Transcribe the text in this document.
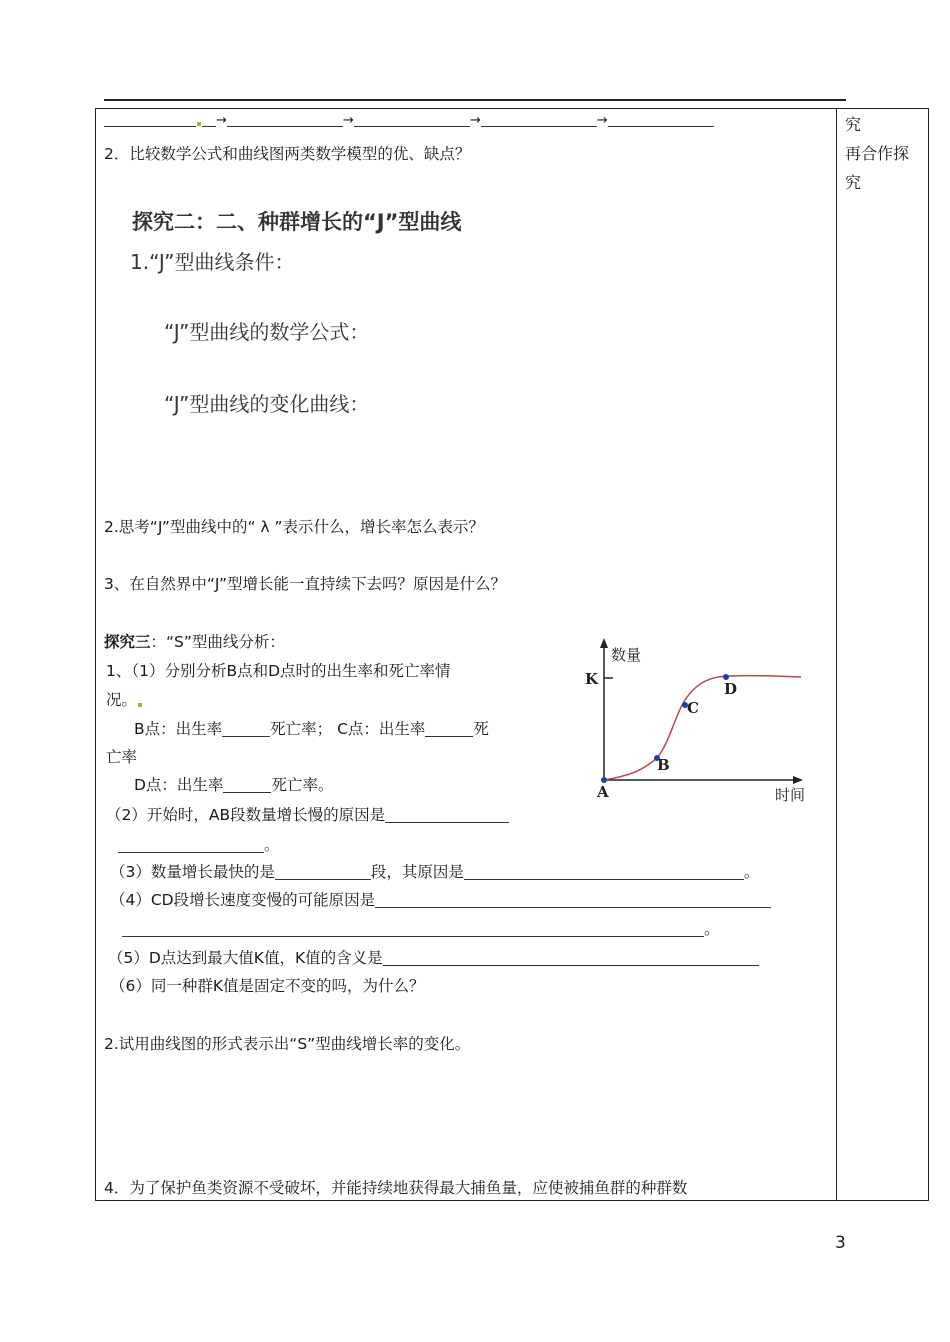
→	→	→	→
2．比较数学公式和曲线图两类数学模型的优、缺点？
探究二：二、种群增长的“J”型曲线
1.“J”型曲线条件：
“J”型曲线的数学公式：
“J”型曲线的变化曲线：
2.思考“J”型曲线中的“ λ ”表示什么，增长率怎么表示？
3、在自然界中“J”型增长能一直持续下去吗？原因是什么？
探究三：“S”型曲线分析：
1、（1）分别分析B点和D点时的出生率和死亡率情
况。
B点：出生率	死亡率； C点：出生率	死
亡率
D点：出生率	死亡率。
（2）开始时，AB段数量增长慢的原因是
。
（3）数量增长最快的是	段，其原因是	。
（4）CD段增长速度变慢的可能原因是
。
（5）D点达到最大值K值，K值的含义是
（6）同一种群K值是固定不变的吗，为什么？
2.试用曲线图的形式表示出“S”型曲线增长率的变化。
4．为了保护鱼类资源不受破坏，并能持续地获得最大捕鱼量，应使被捕鱼群的种群数
究
再合作探
究
数量
时间
K
A
B
C
D
3
